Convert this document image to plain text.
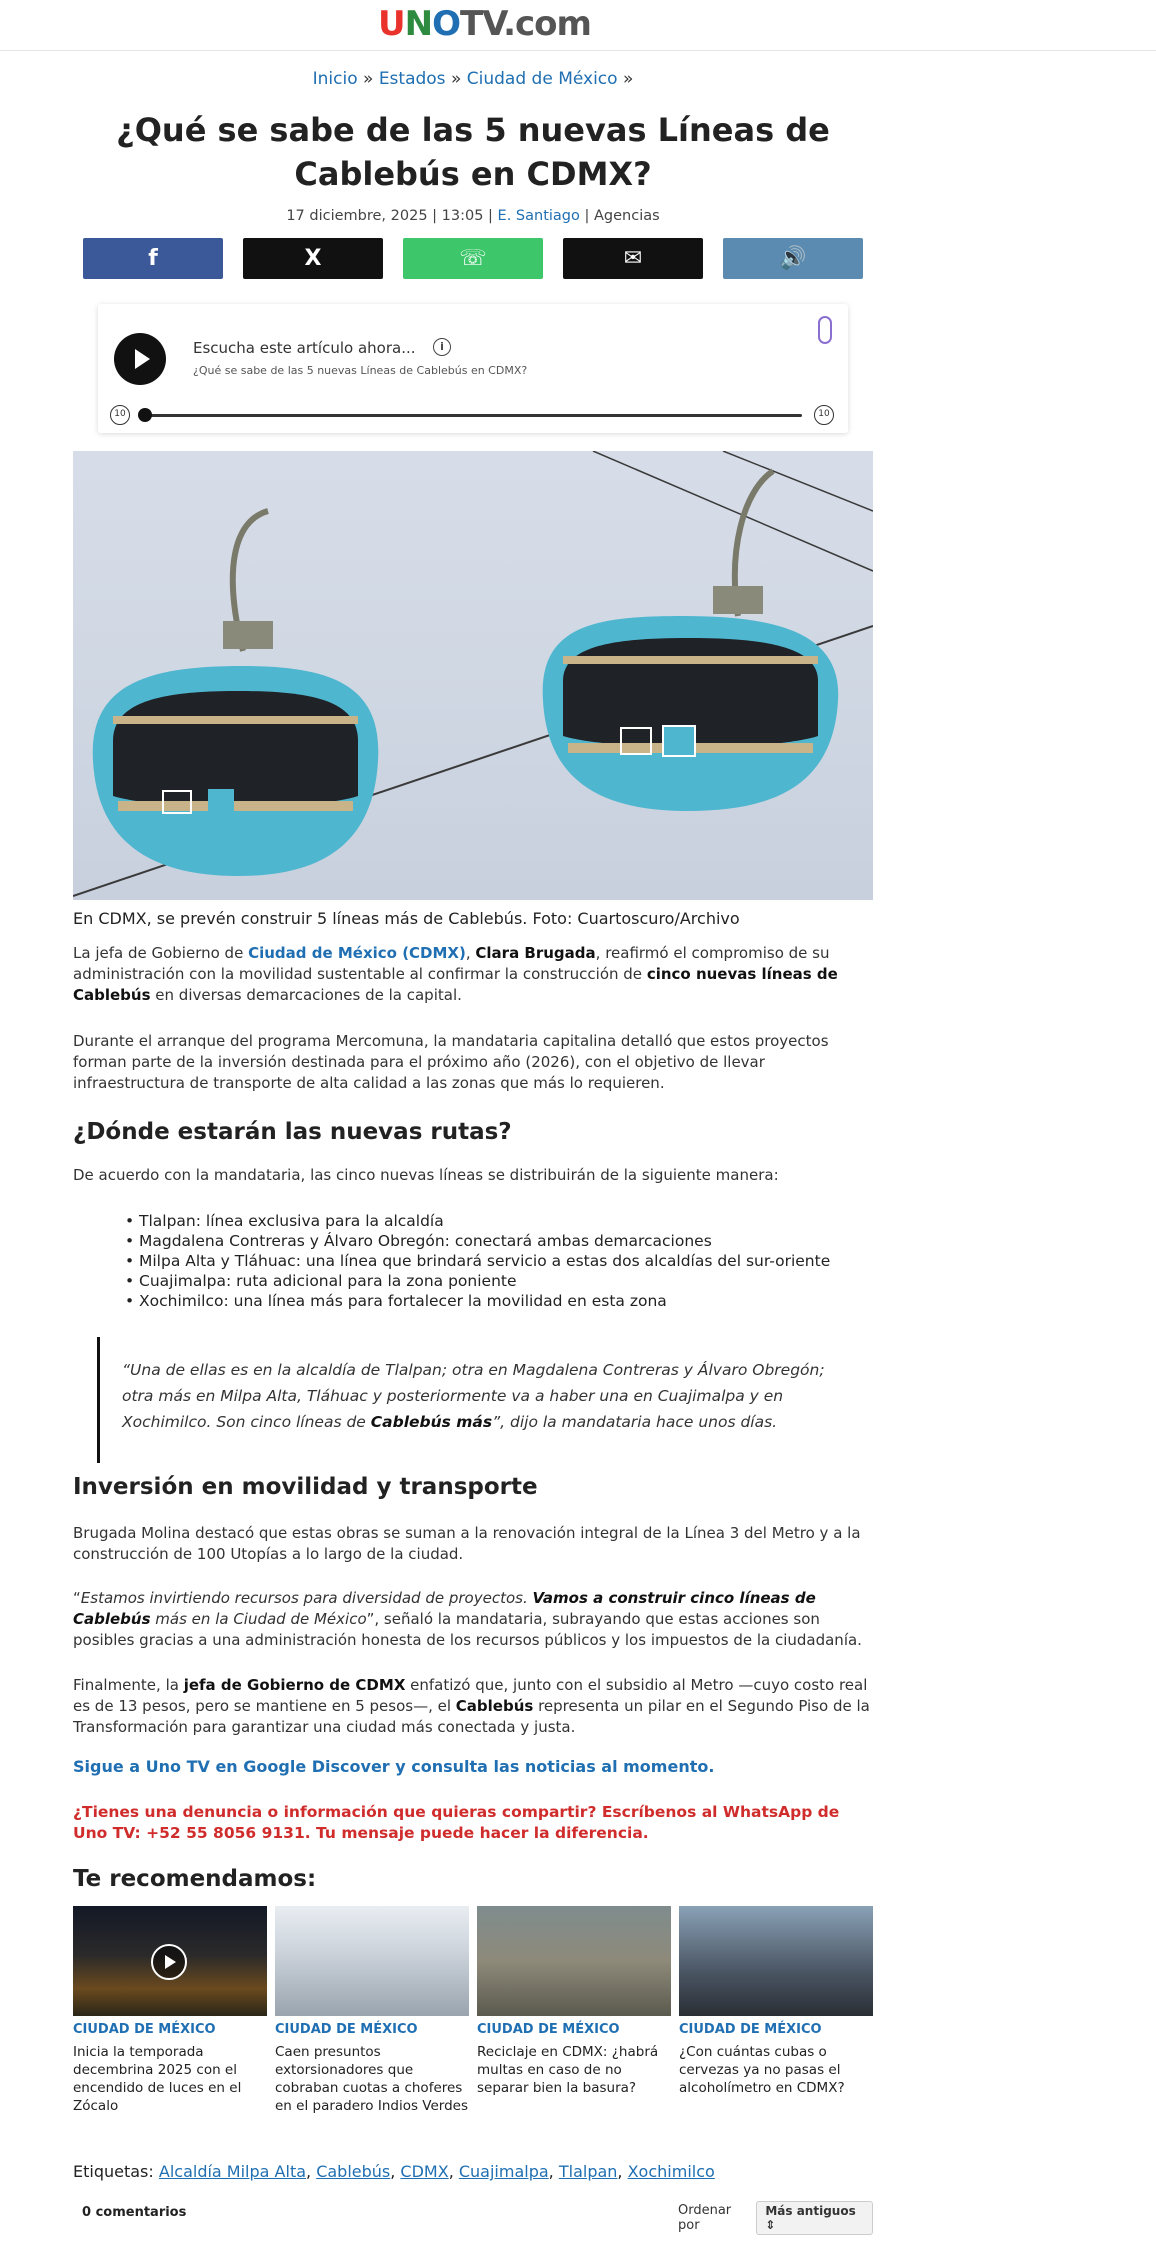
U N O TV.com
Inicio » Estados » Ciudad de México »
¿Qué se sabe de las 5 nuevas Líneas de Cablebús en CDMX?
17 diciembre, 2025 | 13:05 | E. Santiago | Agencias
f	X	☏	✉	🔊
Escucha este artículo ahora...	i
¿Qué se sabe de las 5 nuevas Líneas de Cablebús en CDMX?
10	10
En CDMX, se prevén construir 5 líneas más de Cablebús. Foto: Cuartoscuro/Archivo

La jefa de Gobierno de Ciudad de México (CDMX), Clara Brugada, reafirmó el compromiso de su administración con la movilidad sustentable al confirmar la construcción de cinco nuevas líneas de Cablebús en diversas demarcaciones de la capital.

Durante el arranque del programa Mercomuna, la mandataria capitalina detalló que estos proyectos forman parte de la inversión destinada para el próximo año (2026), con el objetivo de llevar infraestructura de transporte de alta calidad a las zonas que más lo requieren.

¿Dónde estarán las nuevas rutas?

De acuerdo con la mandataria, las cinco nuevas líneas se distribuirán de la siguiente manera:

• Tlalpan: línea exclusiva para la alcaldía
• Magdalena Contreras y Álvaro Obregón: conectará ambas demarcaciones
• Milpa Alta y Tláhuac: una línea que brindará servicio a estas dos alcaldías del sur-oriente
• Cuajimalpa: ruta adicional para la zona poniente
• Xochimilco: una línea más para fortalecer la movilidad en esta zona
“Una de ellas es en la alcaldía de Tlalpan; otra en Magdalena Contreras y Álvaro Obregón; otra más en Milpa Alta, Tláhuac y posteriormente va a haber una en Cuajimalpa y en Xochimilco. Son cinco líneas de Cablebús más”, dijo la mandataria hace unos días.
Inversión en movilidad y transporte

Brugada Molina destacó que estas obras se suman a la renovación integral de la Línea 3 del Metro y a la construcción de 100 Utopías a lo largo de la ciudad.

“Estamos invirtiendo recursos para diversidad de proyectos. Vamos a construir cinco líneas de Cablebús más en la Ciudad de México”, señaló la mandataria, subrayando que estas acciones son posibles gracias a una administración honesta de los recursos públicos y los impuestos de la ciudadanía.

Finalmente, la jefa de Gobierno de CDMX enfatizó que, junto con el subsidio al Metro —cuyo costo real es de 13 pesos, pero se mantiene en 5 pesos—, el Cablebús representa un pilar en el Segundo Piso de la Transformación para garantizar una ciudad más conectada y justa.

Sigue a Uno TV en Google Discover y consulta las noticias al momento.

¿Tienes una denuncia o información que quieras compartir? Escríbenos al WhatsApp de Uno TV: +52 55 8056 9131. Tu mensaje puede hacer la diferencia.

Te recomendamos:
CIUDAD DE MÉXICO
Inicia la temporada decembrina 2025 con el encendido de luces en el Zócalo
CIUDAD DE MÉXICO
Caen presuntos extorsionadores que cobraban cuotas a choferes en el paradero Indios Verdes
CIUDAD DE MÉXICO
Reciclaje en CDMX: ¿habrá multas en caso de no separar bien la basura?
CIUDAD DE MÉXICO
¿Con cuántas cubas o cervezas ya no pasas el alcoholímetro en CDMX?
Etiquetas: Alcaldía Milpa Alta, Cablebús, CDMX, Cuajimalpa, Tlalpan, Xochimilco
0 comentarios	Ordenar por
Más antiguos ⇕
